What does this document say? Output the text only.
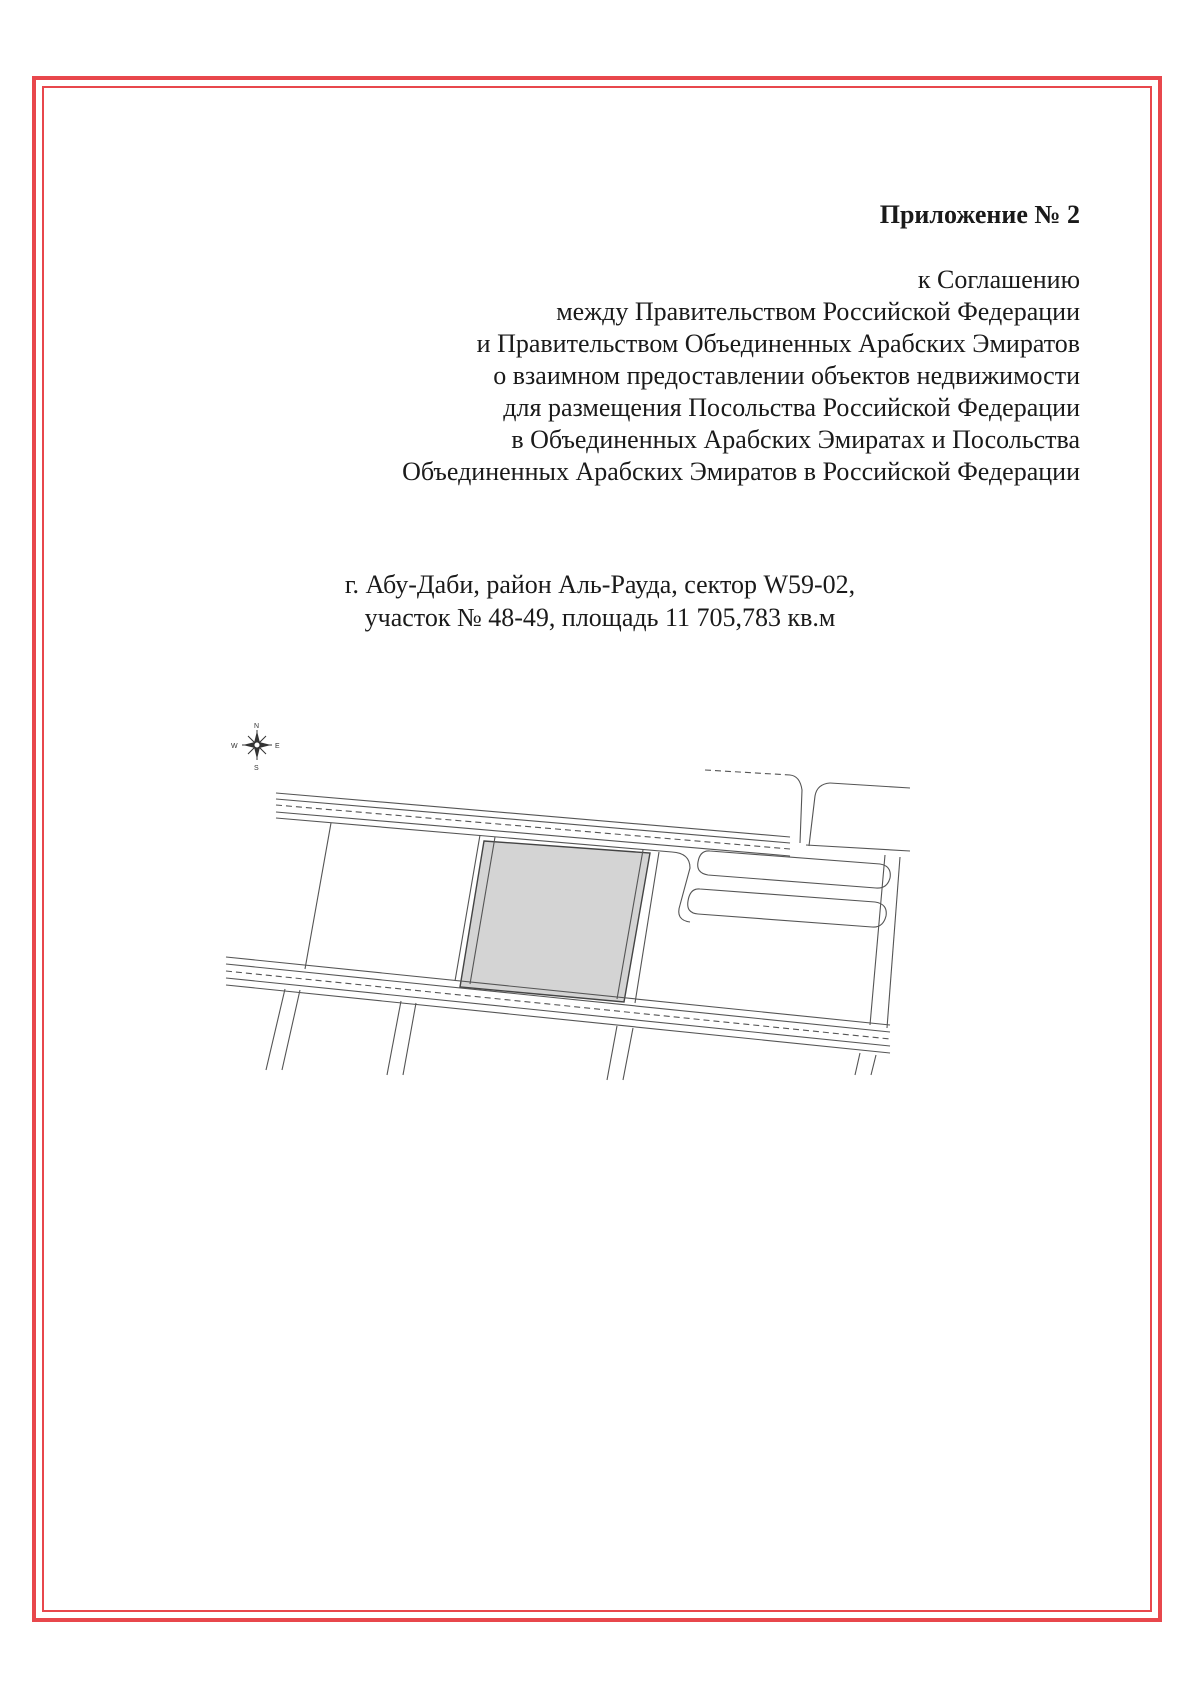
Приложение № 2

к Соглашению

между Правительством Российской Федерации

и Правительством Объединенных Арабских Эмиратов

о взаимном предоставлении объектов недвижимости

для размещения Посольства Российской Федерации

в Объединенных Арабских Эмиратах и Посольства

Объединенных Арабских Эмиратов в Российской Федерации

г. Абу-Даби, район Аль-Рауда, сектор W59-02,

участок № 48-49, площадь 11 705,783 кв.м

N
S
W	E
